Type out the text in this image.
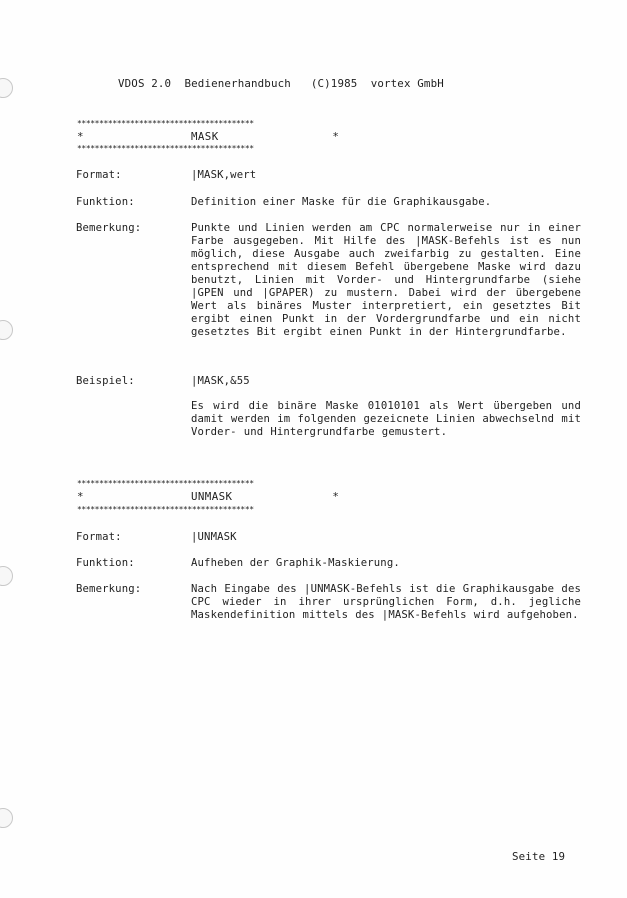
VDOS 2.0  Bedienerhandbuch   (C)1985  vortex GmbH
****************************************
*	MASK	*
****************************************
Format:	|MASK,wert
Funktion:	Definition einer Maske für die Graphikausgabe.
Bemerkung:	Punkte und Linien werden am CPC normalerweise nur in einer Farbe ausgegeben. Mit Hilfe des |MASK-Befehls ist es nun möglich, diese Ausgabe auch zweifarbig zu gestalten. Eine entsprechend mit diesem Befehl übergebene Maske wird dazu benutzt, Linien mit Vorder- und Hintergrundfarbe (siehe |GPEN und |GPAPER) zu mustern. Dabei wird der übergebene Wert als binäres Muster interpretiert, ein gesetztes Bit ergibt einen Punkt in der Vordergrundfarbe und ein nicht gesetztes Bit ergibt einen Punkt in der Hintergrundfarbe.
Beispiel:	|MASK,&55
Es wird die binäre Maske 01010101 als Wert übergeben und damit werden im folgenden gezeicnete Linien abwechselnd mit Vorder- und Hintergrundfarbe gemustert.
****************************************
*	UNMASK	*
****************************************
Format:	|UNMASK
Funktion:	Aufheben der Graphik-Maskierung.
Bemerkung:	Nach Eingabe des |UNMASK-Befehls ist die Graphikausgabe des CPC wieder in ihrer ursprünglichen Form, d.h. jegliche Maskendefinition mittels des |MASK-Befehls wird aufgehoben.
Seite 19
